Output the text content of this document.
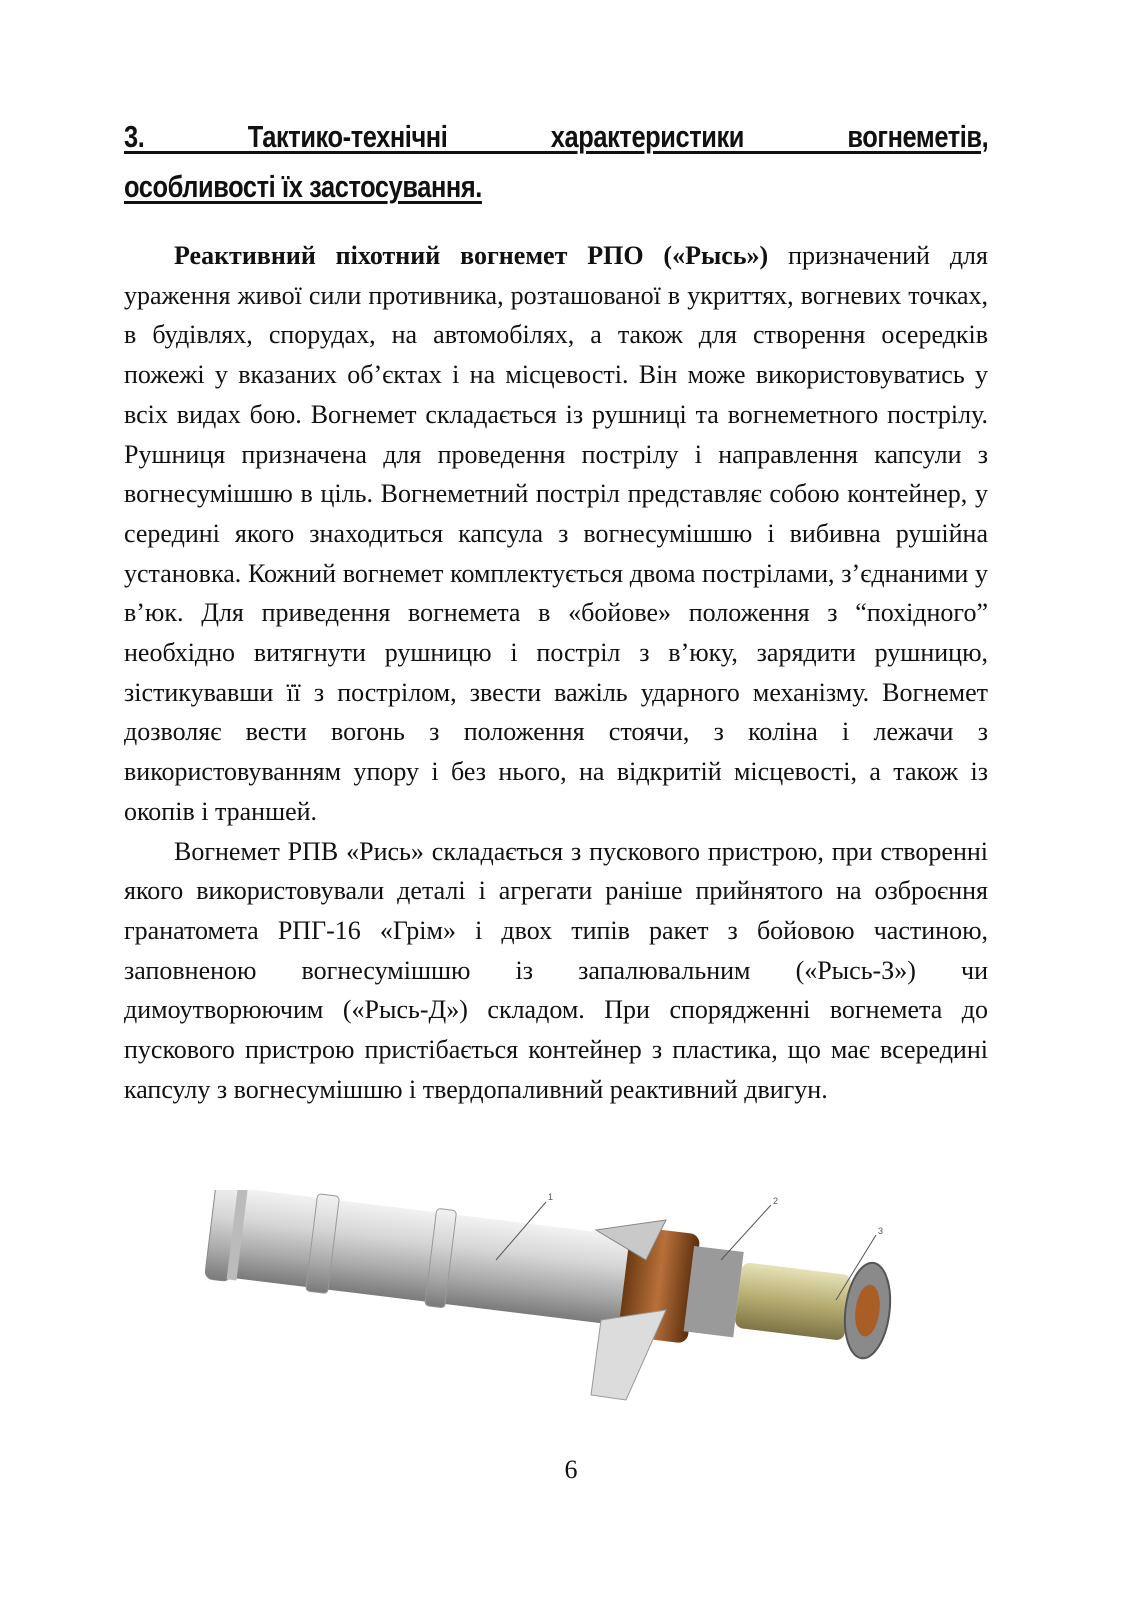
3. Тактико-технічні характеристики вогнеметів,
особливості їх застосування.

Реактивний піхотний вогнемет РПО («Рысь») призначений для ураження живої сили противника, розташованої в укриттях, вогневих точках, в будівлях, спорудах, на автомобілях, а також для створення осередків пожежі у вказаних об’єктах і на місцевості. Він може використовуватись у всіх видах бою. Вогнемет складається із рушниці та вогнеметного пострілу. Рушниця призначена для проведення пострілу і направлення капсули з вогнесумішшю в ціль. Вогнеметний постріл представляє собою контейнер, у середині якого знаходиться капсула з вогнесумішшю і вибивна рушійна установка. Кожний вогнемет комплектується двома пострілами, з’єднаними у в’юк. Для приведення вогнемета в «бойове» положення з “похідного” необхідно витягнути рушницю і постріл з в’юку, зарядити рушницю, зістикувавши її з пострілом, звести важіль ударного механізму. Вогнемет дозволяє вести вогонь з положення стоячи, з коліна і лежачи з використовуванням упору і без нього, на відкритій місцевості, а також із окопів і траншей.

Вогнемет РПВ «Рись» складається з пускового пристрою, при створенні якого використовували деталі і агрегати раніше прийнятого на озброєння гранатомета РПГ-16 «Грім» і двох типів ракет з бойовою частиною, заповненою вогнесумішшю із запалювальним («Рысь-З») чи димоутворюючим («Рысь-Д») складом. При спорядженні вогнемета до пускового пристрою пристібається контейнер з пластика, що має всередині капсулу з вогнесумішшю і твердопаливний реактивний двигун.

1	2
3
6
